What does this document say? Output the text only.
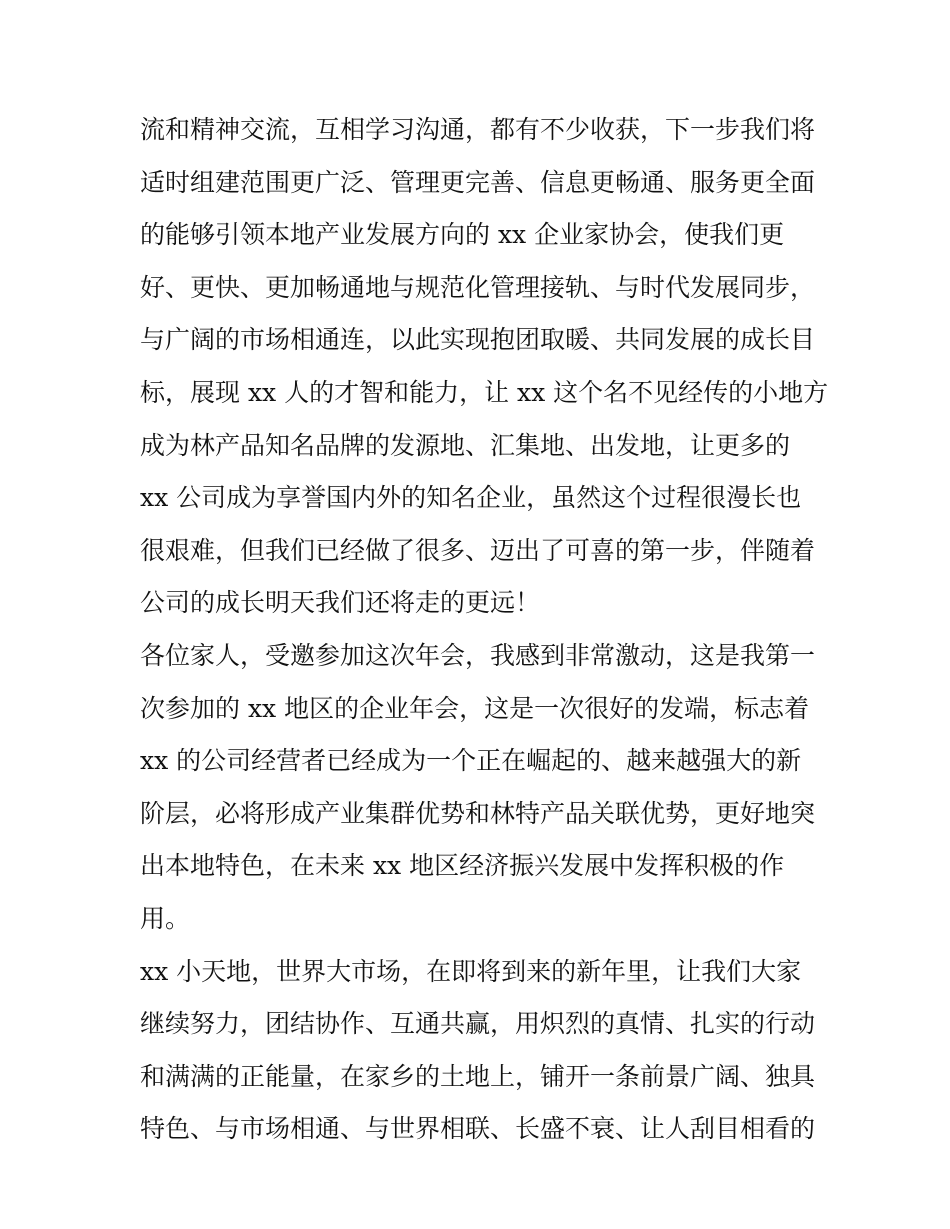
流和精神交流，互相学习沟通，都有不少收获，下一步我们将
适时组建范围更广泛、管理更完善、信息更畅通、服务更全面
的能够引领本地产业发展方向的 xx 企业家协会，使我们更
好、更快、更加畅通地与规范化管理接轨、与时代发展同步，
与广阔的市场相通连，以此实现抱团取暖、共同发展的成长目
标，展现 xx 人的才智和能力，让 xx 这个名不见经传的小地方
成为林产品知名品牌的发源地、汇集地、出发地，让更多的
xx 公司成为享誉国内外的知名企业，虽然这个过程很漫长也
很艰难，但我们已经做了很多、迈出了可喜的第一步，伴随着
公司的成长明天我们还将走的更远！
各位家人，受邀参加这次年会，我感到非常激动，这是我第一
次参加的 xx 地区的企业年会，这是一次很好的发端，标志着
xx 的公司经营者已经成为一个正在崛起的、越来越强大的新
阶层，必将形成产业集群优势和林特产品关联优势，更好地突
出本地特色，在未来 xx 地区经济振兴发展中发挥积极的作
用。
xx 小天地，世界大市场，在即将到来的新年里，让我们大家
继续努力，团结协作、互通共赢，用炽烈的真情、扎实的行动
和满满的正能量，在家乡的土地上，铺开一条前景广阔、独具
特色、与市场相通、与世界相联、长盛不衰、让人刮目相看的
